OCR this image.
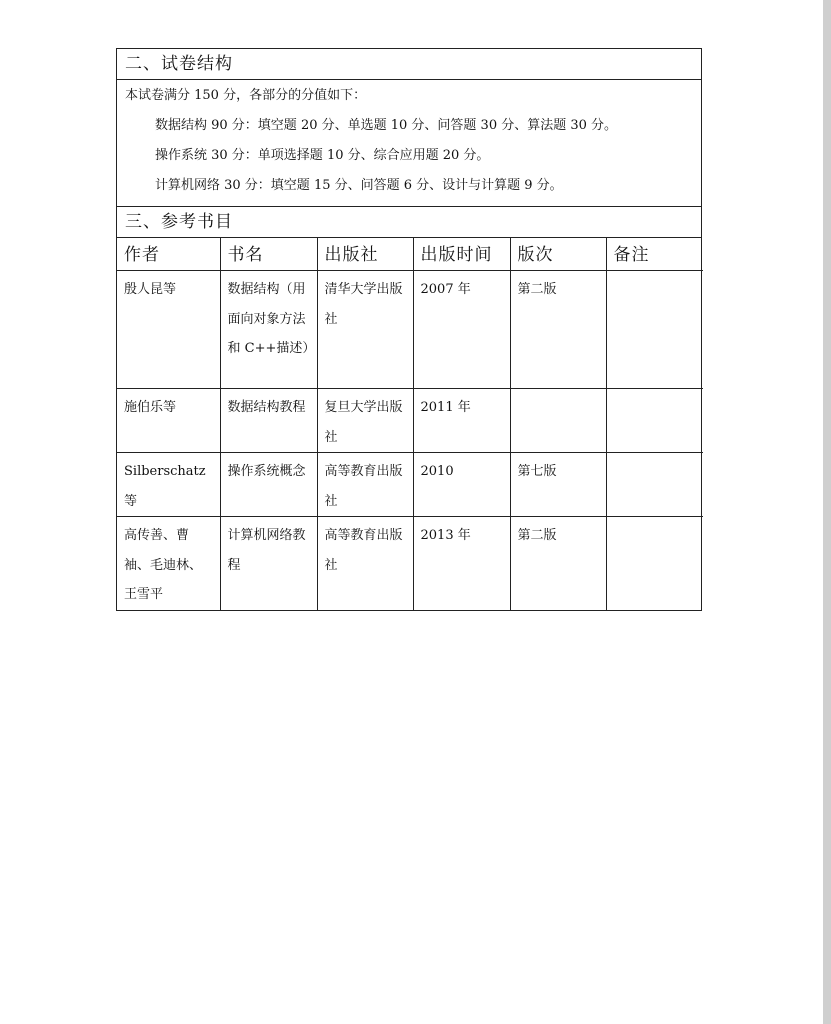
二、试卷结构
本试卷满分 150 分，各部分的分值如下：
数据结构 90 分：填空题 20 分、单选题 10 分、问答题 30 分、算法题 30 分。
操作系统 30 分：单项选择题 10 分、综合应用题 20 分。
计算机网络 30 分：填空题 15 分、问答题 6 分、设计与计算题 9 分。
三、参考书目
作者	书名	出版社	出版时间	版次	备注
殷人昆等	数据结构（用面向对象方法和 C++描述）	清华大学出版社	2007 年	第二版	
施伯乐等	数据结构教程	复旦大学出版社	2011 年		
Silberschatz 等	操作系统概念	高等教育出版社	2010	第七版	
高传善、曹袖、毛迪林、王雪平	计算机网络教程	高等教育出版社	2013 年	第二版	
